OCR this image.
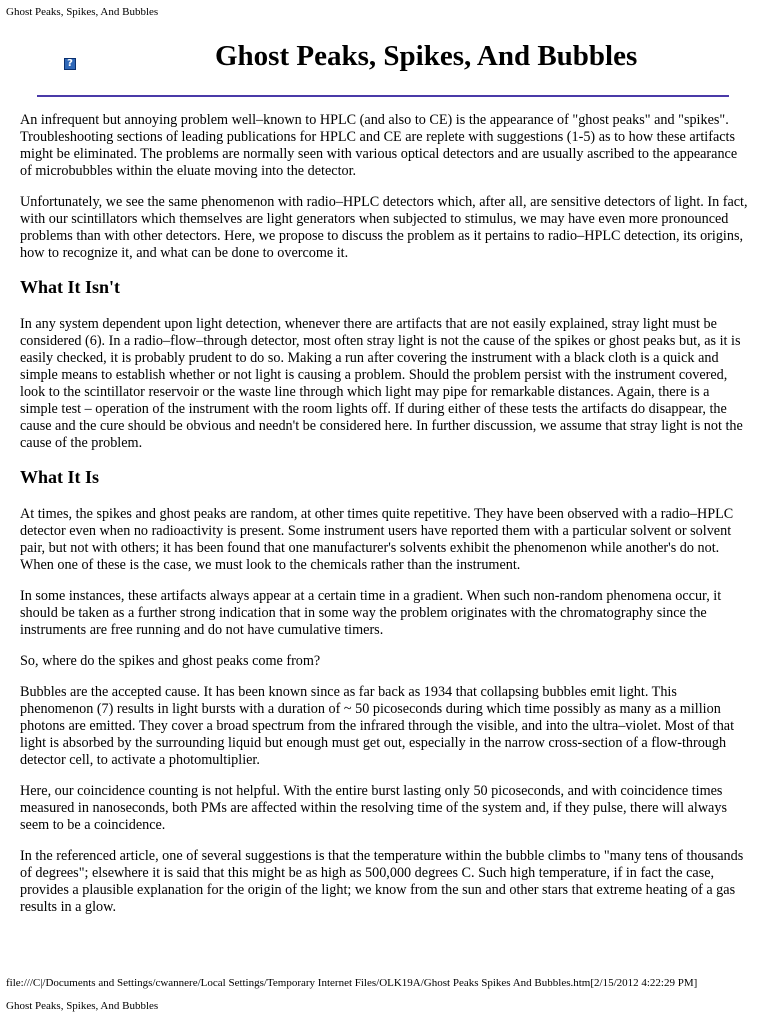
Ghost Peaks, Spikes, And Bubbles
?	Ghost Peaks, Spikes, And Bubbles

An infrequent but annoying problem well–known to HPLC (and also to CE) is the appearance of "ghost peaks" and "spikes". Troubleshooting sections of leading publications for HPLC and CE are replete with suggestions (1-5) as to how these artifacts might be eliminated. The problems are normally seen with various optical detectors and are usually ascribed to the appearance of microbubbles within the eluate moving into the detector.

Unfortunately, we see the same phenomenon with radio–HPLC detectors which, after all, are sensitive detectors of light. In fact, with our scintillators which themselves are light generators when subjected to stimulus, we may have even more pronounced problems than with other detectors. Here, we propose to discuss the problem as it pertains to radio–HPLC detection, its origins, how to recognize it, and what can be done to overcome it.

What It Isn't

In any system dependent upon light detection, whenever there are artifacts that are not easily explained, stray light must be considered (6). In a radio–flow–through detector, most often stray light is not the cause of the spikes or ghost peaks but, as it is easily checked, it is probably prudent to do so. Making a run after covering the instrument with a black cloth is a quick and simple means to establish whether or not light is causing a problem. Should the problem persist with the instrument covered, look to the scintillator reservoir or the waste line through which light may pipe for remarkable distances. Again, there is a simple test – operation of the instrument with the room lights off. If during either of these tests the artifacts do disappear, the cause and the cure should be obvious and needn't be considered here. In further discussion, we assume that stray light is not the cause of the problem.

What It Is

At times, the spikes and ghost peaks are random, at other times quite repetitive. They have been observed with a radio–HPLC detector even when no radioactivity is present. Some instrument users have reported them with a particular solvent or solvent pair, but not with others; it has been found that one manufacturer's solvents exhibit the phenomenon while another's do not. When one of these is the case, we must look to the chemicals rather than the instrument.

In some instances, these artifacts always appear at a certain time in a gradient. When such non-random phenomena occur, it should be taken as a further strong indication that in some way the problem originates with the chromatography since the instruments are free running and do not have cumulative timers.

So, where do the spikes and ghost peaks come from?

Bubbles are the accepted cause. It has been known since as far back as 1934 that collapsing bubbles emit light. This phenomenon (7) results in light bursts with a duration of ~ 50 picoseconds during which time possibly as many as a million photons are emitted. They cover a broad spectrum from the infrared through the visible, and into the ultra–violet. Most of that light is absorbed by the surrounding liquid but enough must get out, especially in the narrow cross-section of a flow-through detector cell, to activate a photomultiplier.

Here, our coincidence counting is not helpful. With the entire burst lasting only 50 picoseconds, and with coincidence times measured in nanoseconds, both PMs are affected within the resolving time of the system and, if they pulse, there will always seem to be a coincidence.

In the referenced article, one of several suggestions is that the temperature within the bubble climbs to "many tens of thousands of degrees"; elsewhere it is said that this might be as high as 500,000 degrees C. Such high temperature, if in fact the case, provides a plausible explanation for the origin of the light; we know from the sun and other stars that extreme heating of a gas results in a glow.

file:///C|/Documents and Settings/cwannere/Local Settings/Temporary Internet Files/OLK19A/Ghost Peaks Spikes And Bubbles.htm[2/15/2012 4:22:29 PM]
Ghost Peaks, Spikes, And Bubbles
